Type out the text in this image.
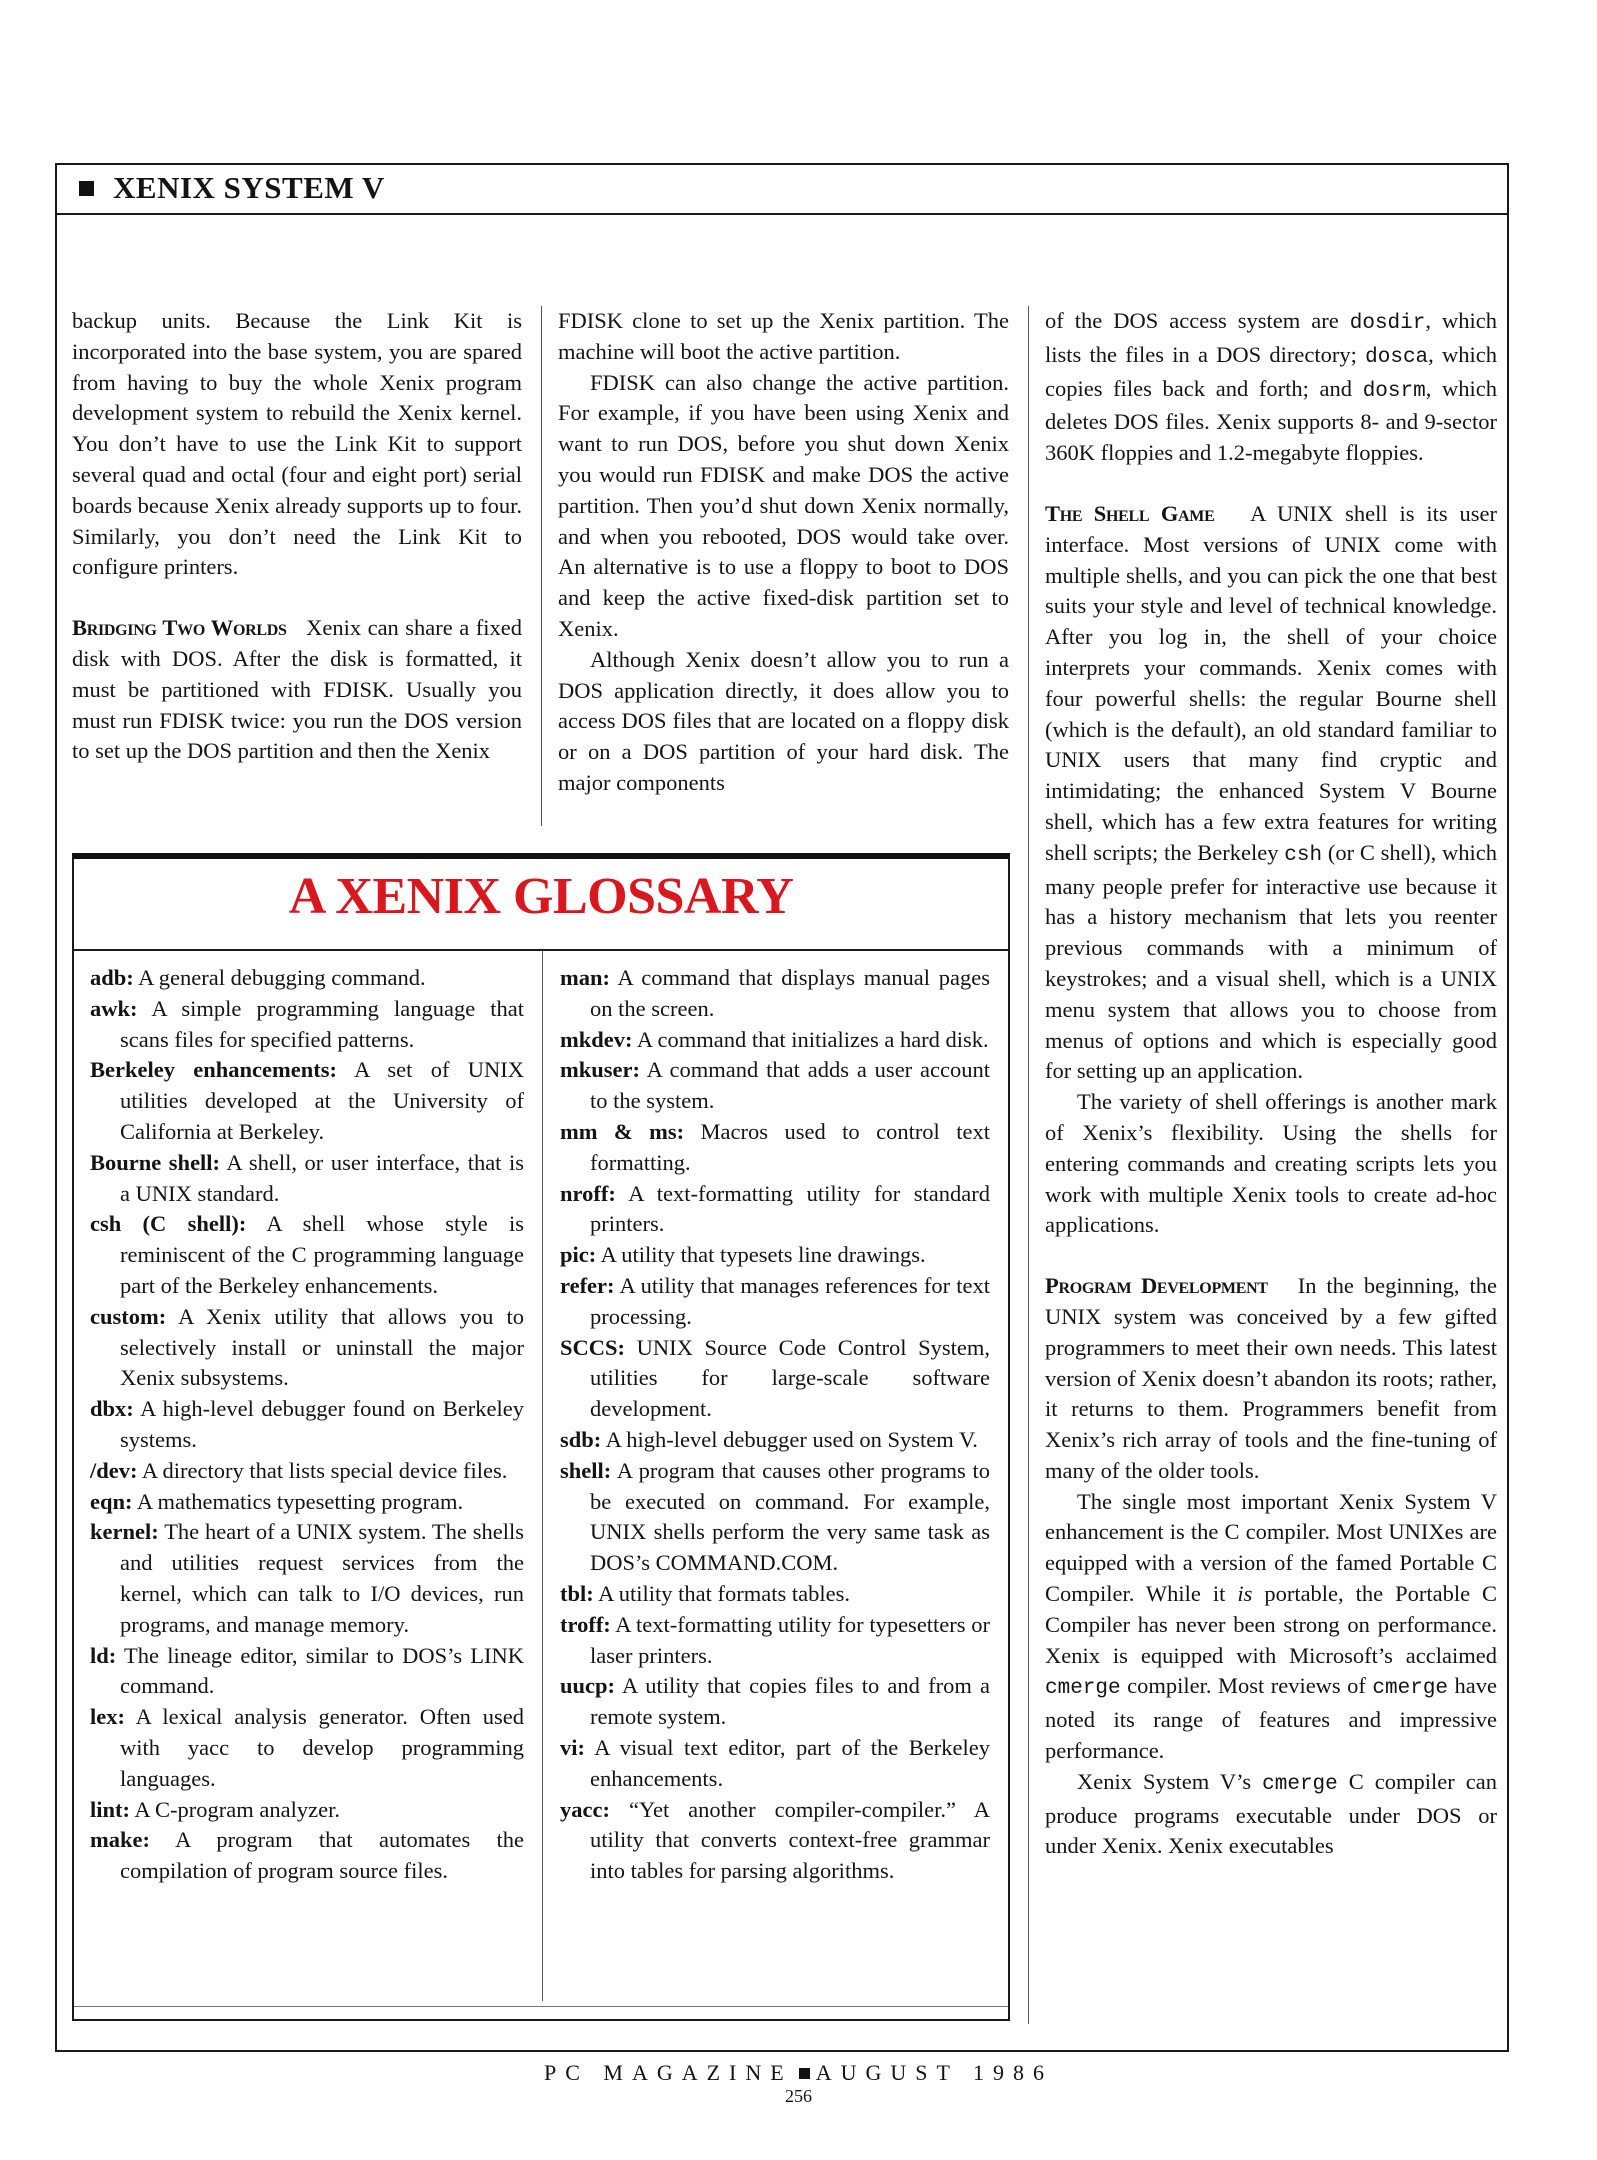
XENIX SYSTEM V

backup units. Because the Link Kit is incorporated into the base system, you are spared from having to buy the whole Xenix program development system to rebuild the Xenix kernel. You don’t have to use the Link Kit to support several quad and octal (four and eight port) serial boards because Xenix already supports up to four. Similarly, you don’t need the Link Kit to configure printers.

Bridging Two Worlds Xenix can share a fixed disk with DOS. After the disk is formatted, it must be partitioned with FDISK. Usually you must run FDISK twice: you run the DOS version to set up the DOS partition and then the Xenix

FDISK clone to set up the Xenix partition. The machine will boot the active partition.

FDISK can also change the active partition. For example, if you have been using Xenix and want to run DOS, before you shut down Xenix you would run FDISK and make DOS the active partition. Then you’d shut down Xenix normally, and when you rebooted, DOS would take over. An alternative is to use a floppy to boot to DOS and keep the active fixed-disk partition set to Xenix.

Although Xenix doesn’t allow you to run a DOS application directly, it does allow you to access DOS files that are located on a floppy disk or on a DOS partition of your hard disk. The major components

of the DOS access system are dosdir, which lists the files in a DOS directory; dosca, which copies files back and forth; and dosrm, which deletes DOS files. Xenix supports 8- and 9-sector 360K floppies and 1.2-megabyte floppies.

The Shell Game A UNIX shell is its user interface. Most versions of UNIX come with multiple shells, and you can pick the one that best suits your style and level of technical knowledge. After you log in, the shell of your choice interprets your commands. Xenix comes with four powerful shells: the regular Bourne shell (which is the default), an old standard familiar to UNIX users that many find cryptic and intimidating; the enhanced System V Bourne shell, which has a few extra features for writing shell scripts; the Berkeley csh (or C shell), which many people prefer for interactive use because it has a history mechanism that lets you reenter previous commands with a minimum of keystrokes; and a visual shell, which is a UNIX menu system that allows you to choose from menus of options and which is especially good for setting up an application.

The variety of shell offerings is another mark of Xenix’s flexibility. Using the shells for entering commands and creating scripts lets you work with multiple Xenix tools to create ad-hoc applications.

Program Development In the beginning, the UNIX system was conceived by a few gifted programmers to meet their own needs. This latest version of Xenix doesn’t abandon its roots; rather, it returns to them. Programmers benefit from Xenix’s rich array of tools and the fine-tuning of many of the older tools.

The single most important Xenix System V enhancement is the C compiler. Most UNIXes are equipped with a version of the famed Portable C Compiler. While it is portable, the Portable C Compiler has never been strong on performance. Xenix is equipped with Microsoft’s acclaimed cmerge compiler. Most reviews of cmerge have noted its range of features and impressive performance.

Xenix System V’s cmerge C compiler can produce programs executable under DOS or under Xenix. Xenix executables

A XENIX GLOSSARY

adb: A general debugging command.

awk: A simple programming language that scans files for specified patterns.

Berkeley enhancements: A set of UNIX utilities developed at the University of California at Berkeley.

Bourne shell: A shell, or user interface, that is a UNIX standard.

csh (C shell): A shell whose style is reminiscent of the C programming language part of the Berkeley enhancements.

custom: A Xenix utility that allows you to selectively install or uninstall the major Xenix subsystems.

dbx: A high-level debugger found on Berkeley systems.

/dev: A directory that lists special device files.

eqn: A mathematics typesetting program.

kernel: The heart of a UNIX system. The shells and utilities request services from the kernel, which can talk to I/O devices, run programs, and manage memory.

ld: The lineage editor, similar to DOS’s LINK command.

lex: A lexical analysis generator. Often used with yacc to develop programming languages.

lint: A C-program analyzer.

make: A program that automates the compilation of program source files.

man: A command that displays manual pages on the screen.

mkdev: A command that initializes a hard disk.

mkuser: A command that adds a user account to the system.

mm & ms: Macros used to control text formatting.

nroff: A text-formatting utility for standard printers.

pic: A utility that typesets line drawings.

refer: A utility that manages references for text processing.

SCCS: UNIX Source Code Control System, utilities for large-scale software development.

sdb: A high-level debugger used on System V.

shell: A program that causes other programs to be executed on command. For example, UNIX shells perform the very same task as DOS’s COMMAND.COM.

tbl: A utility that formats tables.

troff: A text-formatting utility for typesetters or laser printers.

uucp: A utility that copies files to and from a remote system.

vi: A visual text editor, part of the Berkeley enhancements.

yacc: “Yet another compiler-compiler.” A utility that converts context-free grammar into tables for parsing algorithms.

PC MAGAZINE AUGUST 1986
256
